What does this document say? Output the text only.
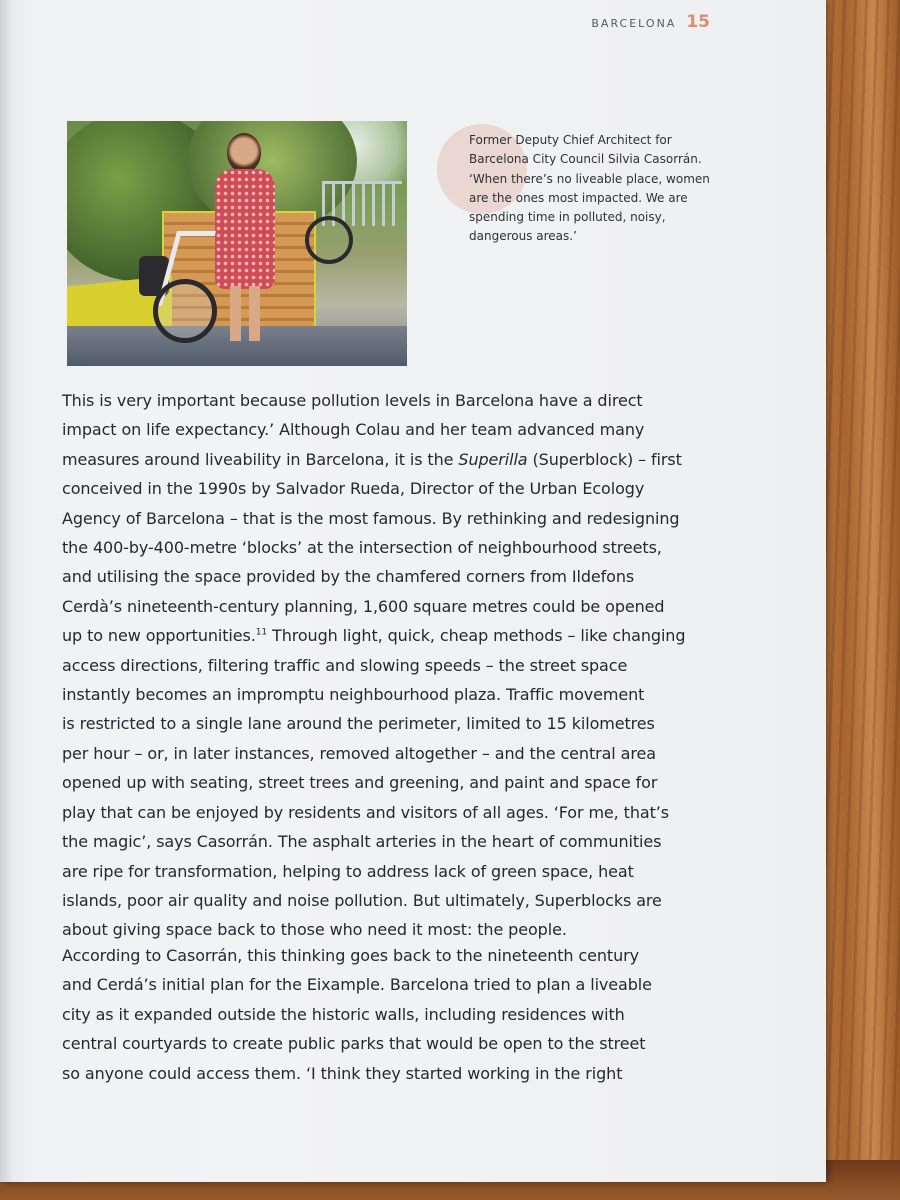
BARCELONA 15

Former Deputy Chief Architect for Barcelona City Council Silvia Casorrán. ‘When there’s no liveable place, women are the ones most impacted. We are spending time in polluted, noisy, dangerous areas.’

This is very important because pollution levels in Barcelona have a direct
impact on life expectancy.’ Although Colau and her team advanced many
measures around liveability in Barcelona, it is the Superilla (Superblock) – first
conceived in the 1990s by Salvador Rueda, Director of the Urban Ecology
Agency of Barcelona – that is the most famous. By rethinking and redesigning
the 400-by-400-metre ‘blocks’ at the intersection of neighbourhood streets,
and utilising the space provided by the chamfered corners from Ildefons
Cerdà’s nineteenth-century planning, 1,600 square metres could be opened
up to new opportunities.$^{11}$ Through light, quick, cheap methods – like changing
access directions, filtering traffic and slowing speeds – the street space
instantly becomes an impromptu neighbourhood plaza. Traffic movement
is restricted to a single lane around the perimeter, limited to 15 kilometres
per hour – or, in later instances, removed altogether – and the central area
opened up with seating, street trees and greening, and paint and space for
play that can be enjoyed by residents and visitors of all ages. ‘For me, that’s
the magic’, says Casorrán. The asphalt arteries in the heart of communities
are ripe for transformation, helping to address lack of green space, heat
islands, poor air quality and noise pollution. But ultimately, Superblocks are
about giving space back to those who need it most: the people.
According to Casorrán, this thinking goes back to the nineteenth century
and Cerdá’s initial plan for the Eixample. Barcelona tried to plan a liveable
city as it expanded outside the historic walls, including residences with
central courtyards to create public parks that would be open to the street
so anyone could access them. ‘I think they started working in the right
